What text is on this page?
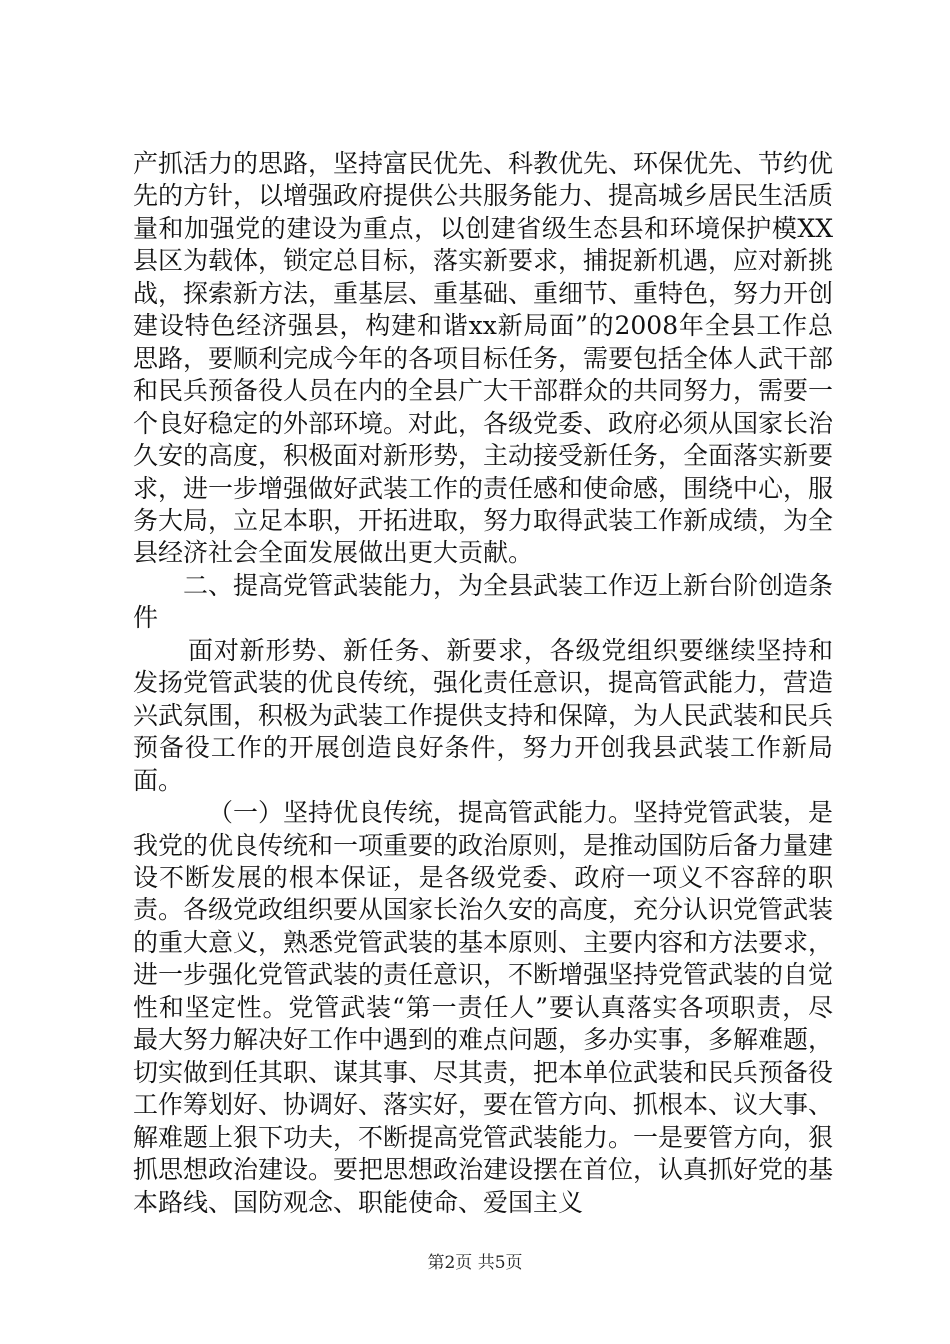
产抓活力的思路，坚持富民优先、科教优先、环保优先、节约优先的方针，以增强政府提供公共服务能力、提高城乡居民生活质量和加强党的建设为重点，以创建省级生态县和环境保护模XX县区为载体，锁定总目标，落实新要求，捕捉新机遇，应对新挑战，探索新方法，重基层、重基础、重细节、重特色，努力开创建设特色经济强县，构建和谐xx新局面”的2008年全县工作总思路，要顺利完成今年的各项目标任务，需要包括全体人武干部和民兵预备役人员在内的全县广大干部群众的共同努力，需要一个良好稳定的外部环境。对此，各级党委、政府必须从国家长治久安的高度，积极面对新形势，主动接受新任务，全面落实新要求，进一步增强做好武装工作的责任感和使命感，围绕中心，服务大局，立足本职，开拓进取，努力取得武装工作新成绩，为全县经济社会全面发展做出更大贡献。

二、提高党管武装能力，为全县武装工作迈上新台阶创造条件

面对新形势、新任务、新要求，各级党组织要继续坚持和发扬党管武装的优良传统，强化责任意识，提高管武能力，营造兴武氛围，积极为武装工作提供支持和保障，为人民武装和民兵预备役工作的开展创造良好条件，努力开创我县武装工作新局面。

（一）坚持优良传统，提高管武能力。坚持党管武装，是我党的优良传统和一项重要的政治原则，是推动国防后备力量建设不断发展的根本保证，是各级党委、政府一项义不容辞的职责。各级党政组织要从国家长治久安的高度，充分认识党管武装的重大意义，熟悉党管武装的基本原则、主要内容和方法要求，进一步强化党管武装的责任意识，不断增强坚持党管武装的自觉性和坚定性。党管武装“第一责任人”要认真落实各项职责，尽最大努力解决好工作中遇到的难点问题，多办实事，多解难题，切实做到任其职、谋其事、尽其责，把本单位武装和民兵预备役工作筹划好、协调好、落实好，要在管方向、抓根本、议大事、解难题上狠下功夫，不断提高党管武装能力。一是要管方向，狠抓思想政治建设。要把思想政治建设摆在首位，认真抓好党的基本路线、国防观念、职能使命、爱国主义

第2页 共5页
